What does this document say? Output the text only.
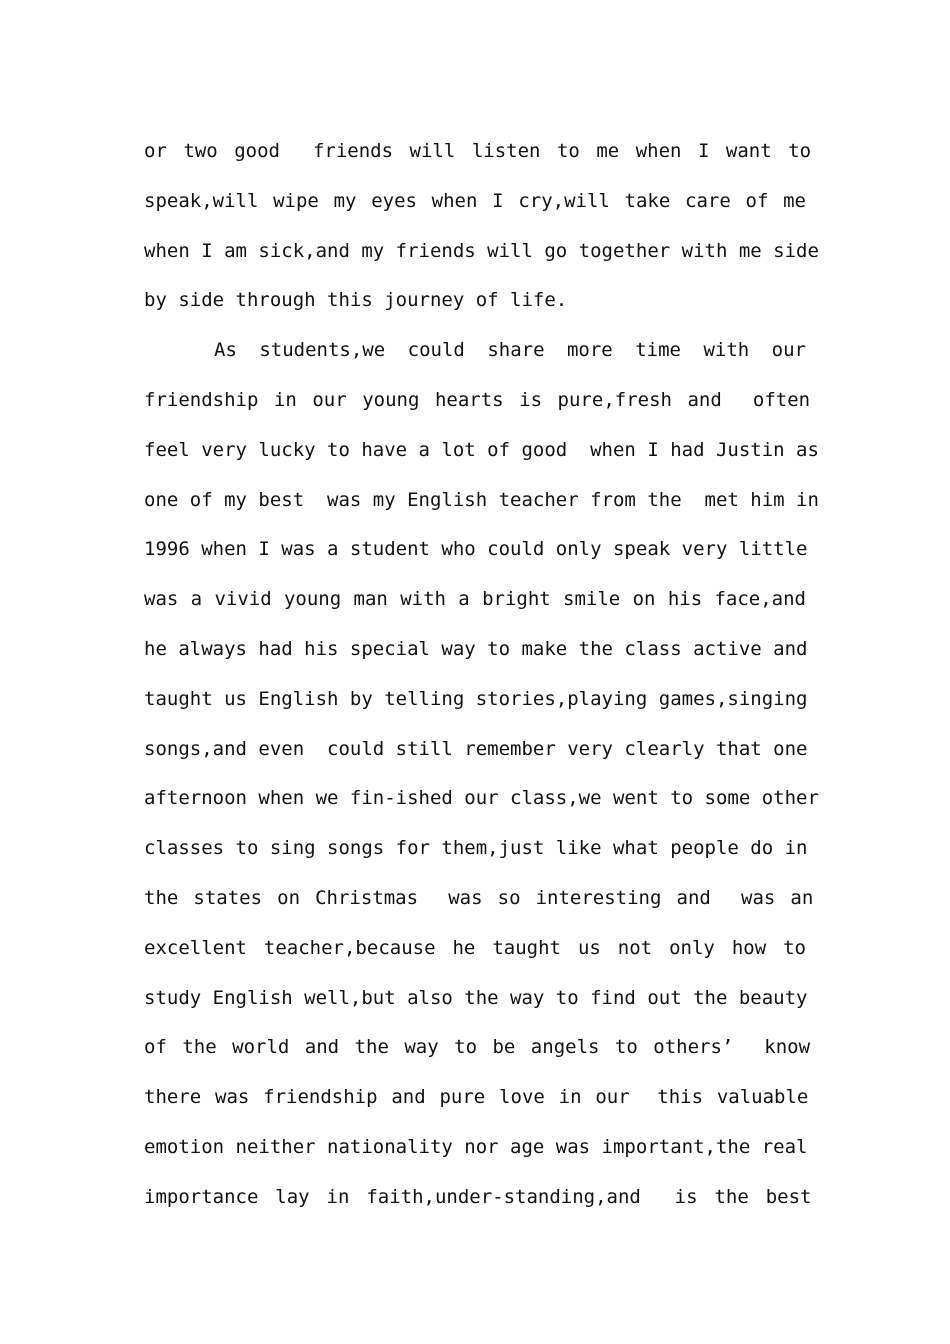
or two good  friends will listen to me when I want to
speak,will wipe my eyes when I cry,will take care of me
when I am sick,and my friends will go together with me side
by side through this journey of life.
As students,we could share more time with our
friendship in our young hearts is pure,fresh and  often
feel very lucky to have a lot of good  when I had Justin as
one of my best  was my English teacher from the  met him in
1996 when I was a student who could only speak very little
was a vivid young man with a bright smile on his face,and
he always had his special way to make the class active and
taught us English by telling stories,playing games,singing
songs,and even  could still remember very clearly that one
afternoon when we fin-ished our class,we went to some other
classes to sing songs for them,just like what people do in
the states on Christmas  was so interesting and  was an
excellent teacher,because he taught us not only how to
study English well,but also the way to find out the beauty
of the world and the way to be angels to others’  know
there was friendship and pure love in our  this valuable
emotion neither nationality nor age was important,the real
importance lay in faith,under-standing,and  is the best
